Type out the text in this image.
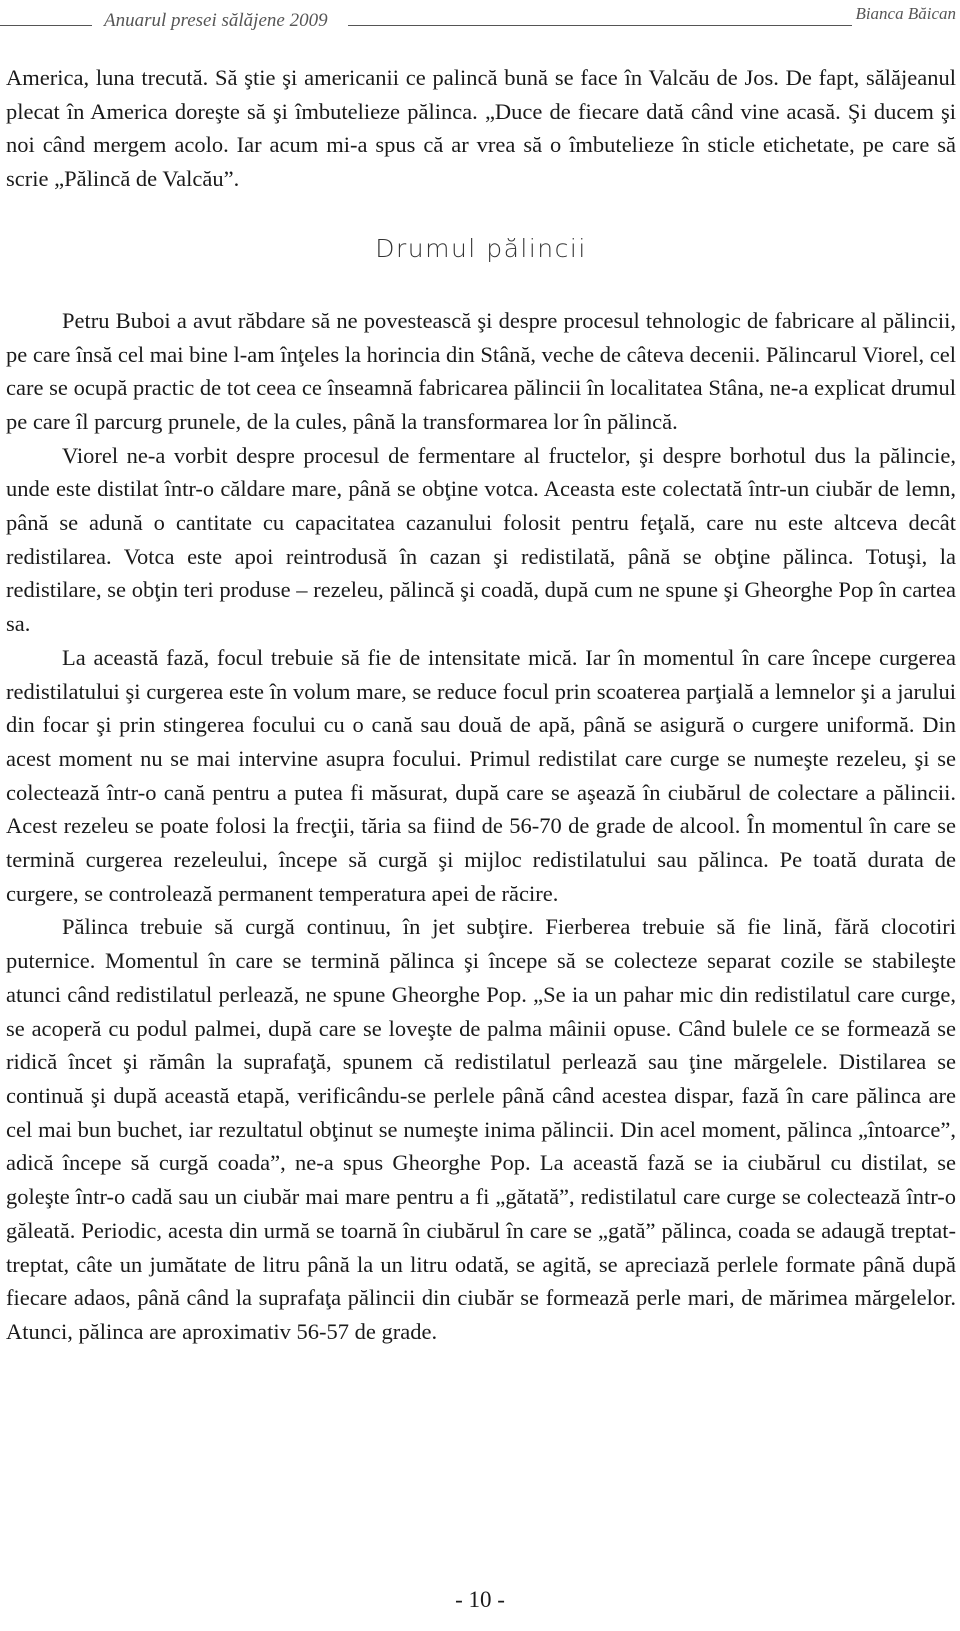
Anuarul presei sălăjene 2009	Bianca Băican

America, luna trecută. Să ştie şi americanii ce palincă bună se face în Valcău de Jos. De fapt, sălăjeanul plecat în America doreşte să şi îmbutelieze pălinca. „Duce de fiecare dată când vine acasă. Şi ducem şi noi când mergem acolo. Iar acum mi-a spus că ar vrea să o îmbutelieze în sticle etichetate, pe care să scrie „Pălincă de Valcău”.

Drumul pălincii

Petru Buboi a avut răbdare să ne povestească şi despre procesul tehnologic de fabricare al pălincii, pe care însă cel mai bine l-am înţeles la horincia din Stână, veche de câteva decenii. Pălincarul Viorel, cel care se ocupă practic de tot ceea ce înseamnă fabricarea pălincii în localitatea Stâna, ne-a explicat drumul pe care îl parcurg prunele, de la cules, până la transformarea lor în pălincă.

Viorel ne-a vorbit despre procesul de fermentare al fructelor, şi despre borhotul dus la pălincie, unde este distilat într-o căldare mare, până se obţine votca. Aceasta este colectată într-un ciubăr de lemn, până se adună o cantitate cu capacitatea cazanului folosit pentru feţală, care nu este altceva decât redistilarea. Votca este apoi reintrodusă în cazan şi redistilată, până se obţine pălinca. Totuşi, la redistilare, se obţin teri produse – rezeleu, pălincă şi coadă, după cum ne spune şi Gheorghe Pop în cartea sa.

La această fază, focul trebuie să fie de intensitate mică. Iar în momentul în care începe curgerea redistilatului şi curgerea este în volum mare, se reduce focul prin scoaterea parţială a lemnelor şi a jarului din focar şi prin stingerea focului cu o cană sau două de apă, până se asigură o curgere uniformă. Din acest moment nu se mai intervine asupra focului. Primul redistilat care curge se numeşte rezeleu, şi se colectează într-o cană pentru a putea fi măsurat, după care se aşează în ciubărul de colectare a pălincii. Acest rezeleu se poate folosi la frecţii, tăria sa fiind de 56-70 de grade de alcool. În momentul în care se termină curgerea rezeleului, începe să curgă şi mijloc redistilatului sau pălinca. Pe toată durata de curgere, se controlează permanent temperatura apei de răcire.

Pălinca trebuie să curgă continuu, în jet subţire. Fierberea trebuie să fie lină, fără clocotiri puternice. Momentul în care se termină pălinca şi începe să se colecteze separat cozile se stabileşte atunci când redistilatul perlează, ne spune Gheorghe Pop. „Se ia un pahar mic din redistilatul care curge, se acoperă cu podul palmei, după care se loveşte de palma mâinii opuse. Când bulele ce se formează se ridică încet şi rămân la suprafaţă, spunem că redistilatul perlează sau ţine mărgelele. Distilarea se continuă şi după această etapă, verificându-se perlele până când acestea dispar, fază în care pălinca are cel mai bun buchet, iar rezultatul obţinut se numeşte inima pălincii. Din acel moment, pălinca „întoarce”, adică începe să curgă coada”, ne-a spus Gheorghe Pop. La această fază se ia ciubărul cu distilat, se goleşte într-o cadă sau un ciubăr mai mare pentru a fi „gătată”, redistilatul care curge se colectează într-o găleată. Periodic, acesta din urmă se toarnă în ciubărul în care se „gată” pălinca, coada se adaugă treptat-treptat, câte un jumătate de litru până la un litru odată, se agită, se apreciază perlele formate până după fiecare adaos, până când la suprafaţa pălincii din ciubăr se formează perle mari, de mărimea mărgelelor. Atunci, pălinca are aproximativ 56-57 de grade.

- 10 -
